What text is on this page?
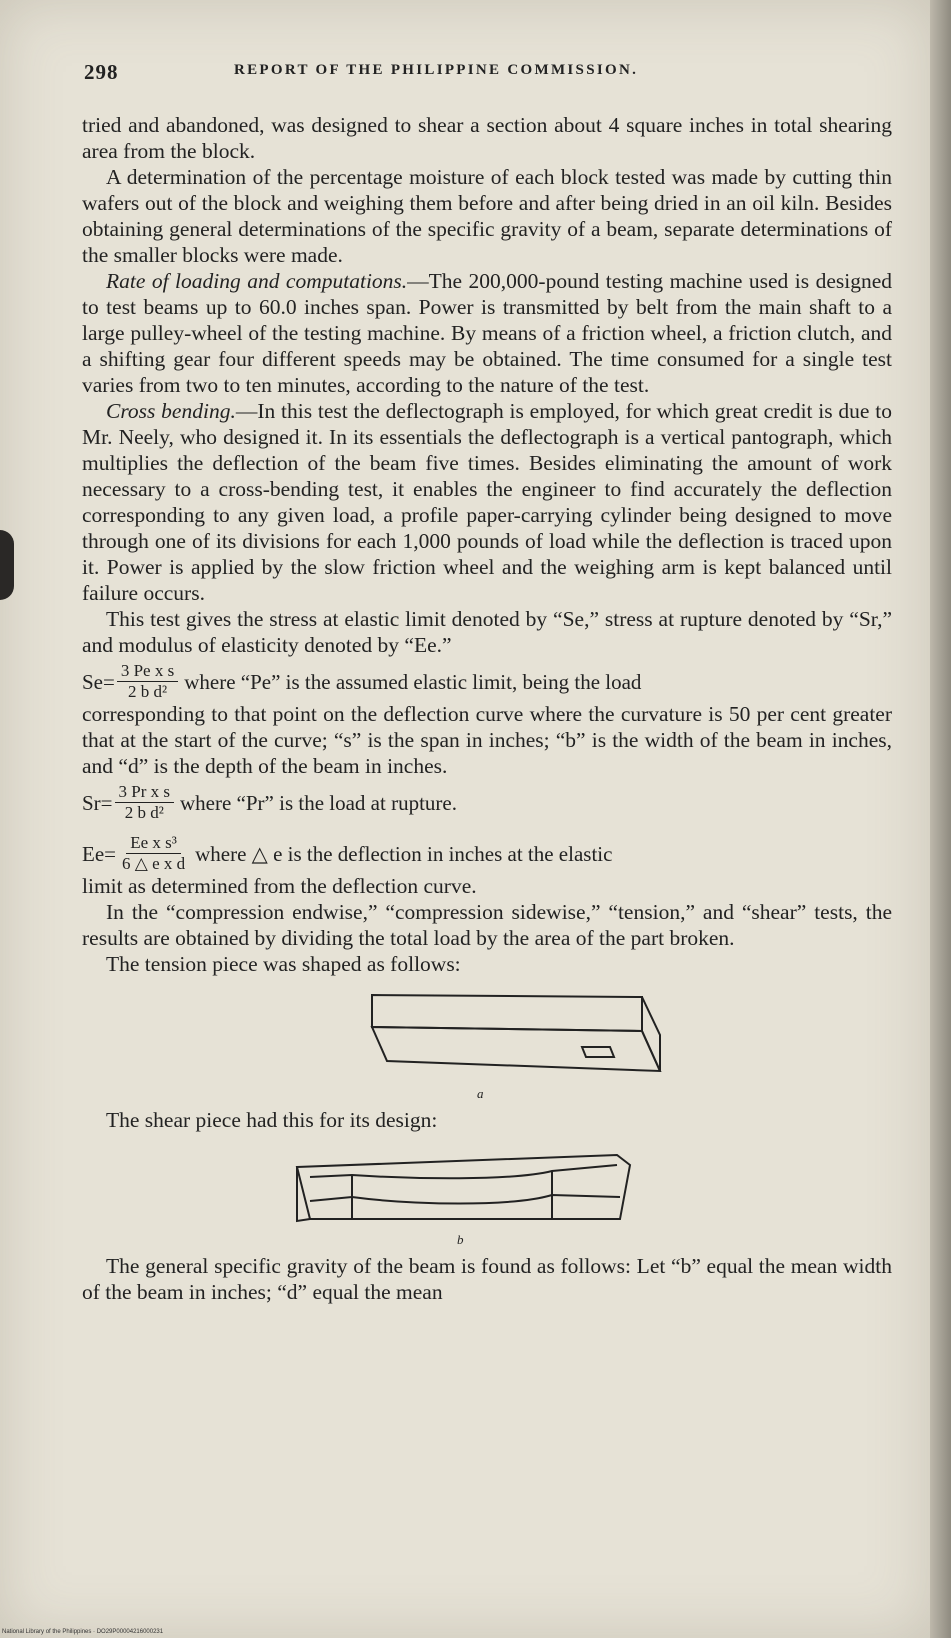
298	REPORT OF THE PHILIPPINE COMMISSION.

tried and abandoned, was designed to shear a section about 4 square inches in total shearing area from the block.

A determination of the percentage moisture of each block tested was made by cutting thin wafers out of the block and weighing them before and after being dried in an oil kiln. Besides obtaining general determinations of the specific gravity of a beam, separate determinations of the smaller blocks were made.

Rate of loading and computations.—The 200,000-pound testing machine used is designed to test beams up to 60.0 inches span. Power is transmitted by belt from the main shaft to a large pulley-wheel of the testing machine. By means of a friction wheel, a friction clutch, and a shifting gear four different speeds may be obtained. The time consumed for a single test varies from two to ten minutes, according to the nature of the test.

Cross bending.—In this test the deflectograph is employed, for which great credit is due to Mr. Neely, who designed it. In its essentials the deflectograph is a vertical pantograph, which multiplies the deflection of the beam five times. Besides eliminating the amount of work necessary to a cross-bending test, it enables the engineer to find accurately the deflection corresponding to any given load, a profile paper-carrying cylinder being designed to move through one of its divisions for each 1,000 pounds of load while the deflection is traced upon it. Power is applied by the slow friction wheel and the weighing arm is kept balanced until failure occurs.

This test gives the stress at elastic limit denoted by “Se,” stress at rupture denoted by “Sr,” and modulus of elasticity denoted by “Ee.”

$Se= \frac{\text{3 Pe x s}}{\text{2 b d²}}$ where “Pe” is the assumed elastic limit, being the load

corresponding to that point on the deflection curve where the curvature is 50 per cent greater that at the start of the curve; “s” is the span in inches; “b” is the width of the beam in inches, and “d” is the depth of the beam in inches.

$Sr= \frac{\text{3 Pr x s}}{\text{2 b d²}}$ where “Pr” is the load at rupture.
$Ee= \frac{\text{Ee x s³}}{\text{6 △ e x d}}$ where △ e is the deflection in inches at the elastic

limit as determined from the deflection curve.

In the “compression endwise,” “compression sidewise,” “tension,” and “shear” tests, the results are obtained by dividing the total load by the area of the part broken.

The tension piece was shaped as follows:

a

The shear piece had this for its design:

b

The general specific gravity of the beam is found as follows: Let “b” equal the mean width of the beam in inches; “d” equal the mean

National Library of the Philippines · DO29P00004216000231
